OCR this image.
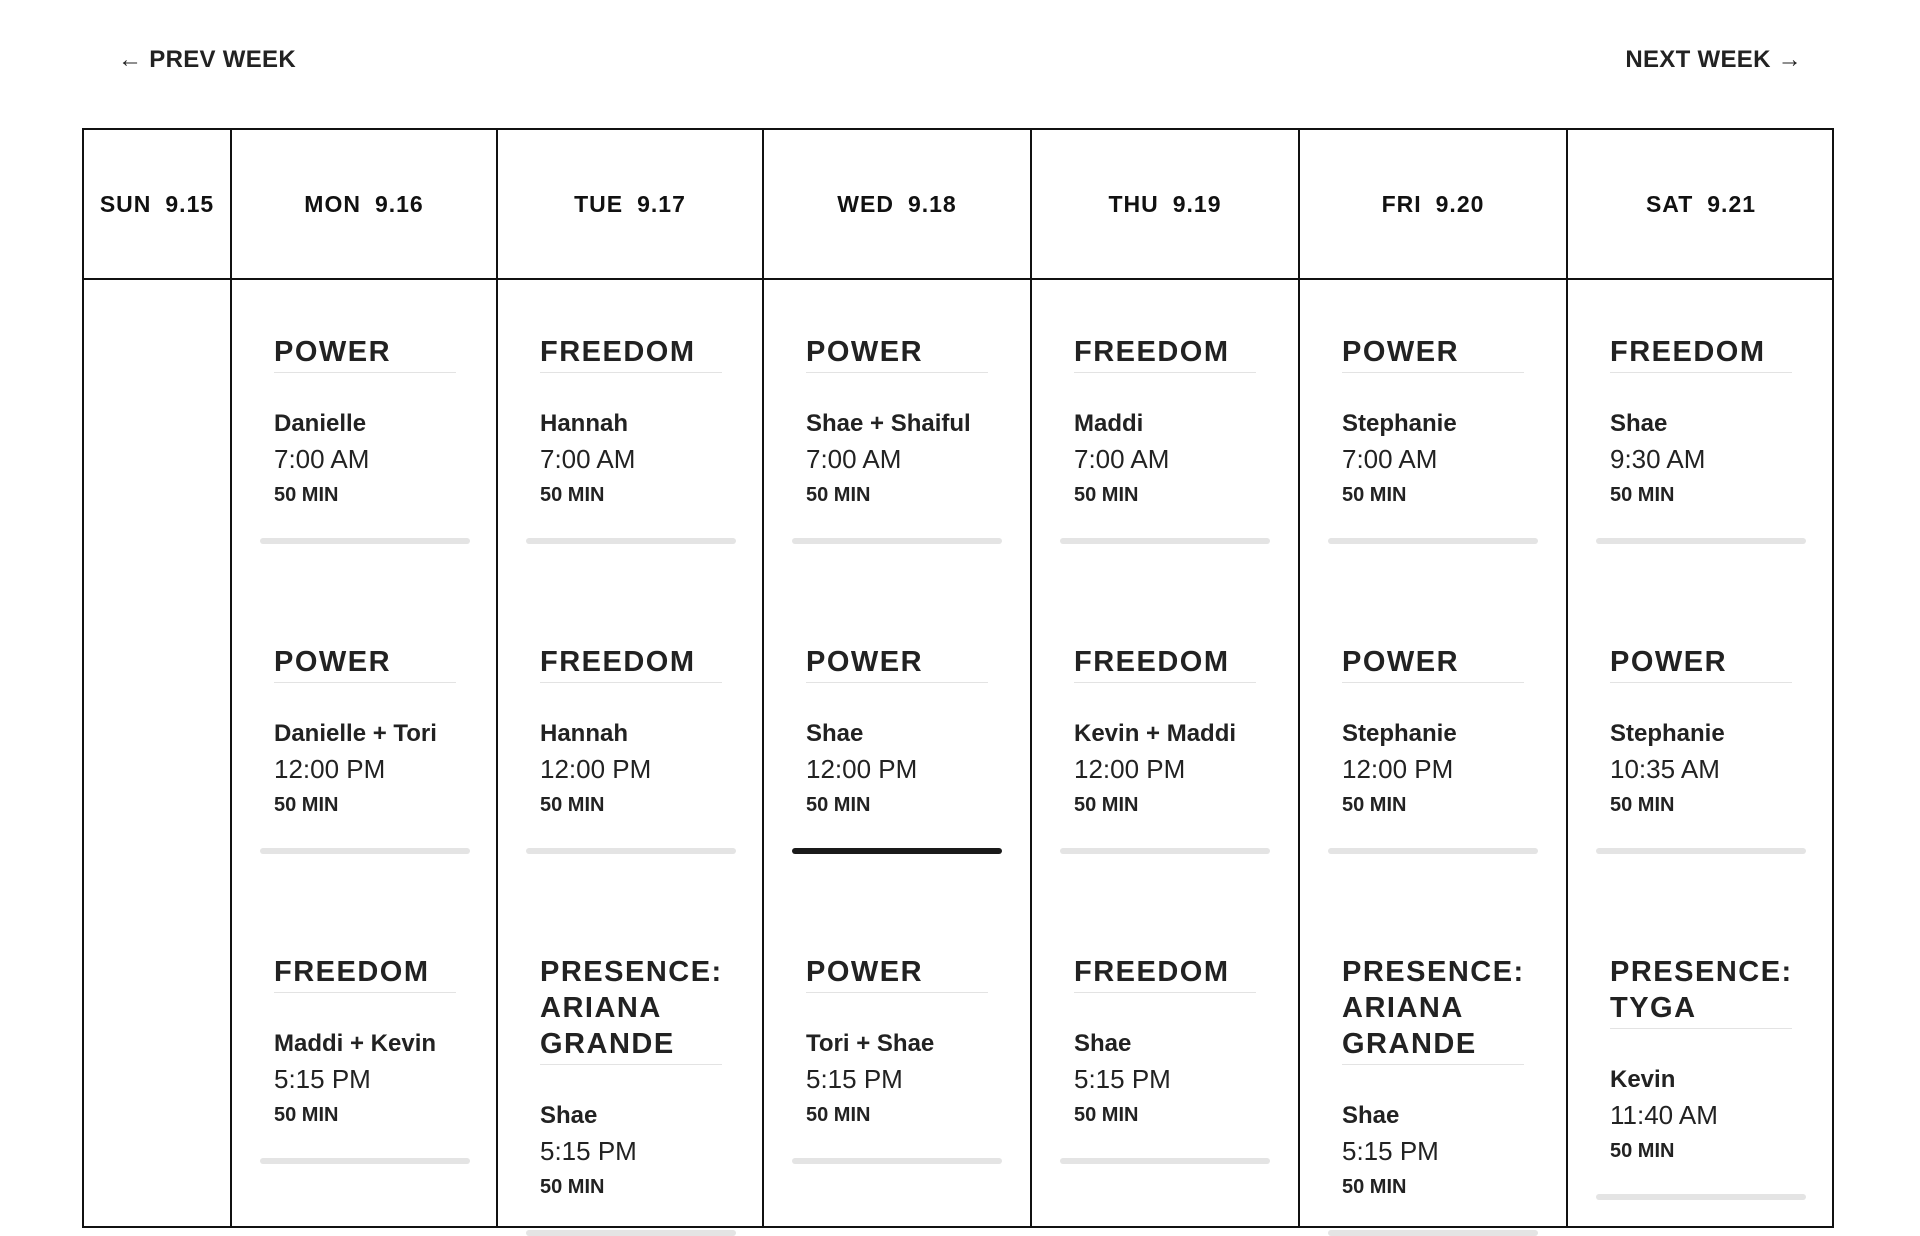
← PREV WEEK	NEXT WEEK →
SUN 9.15	MON 9.16
POWER
Danielle
7:00 AM
50 MIN
POWER
Danielle + Tori
12:00 PM
50 MIN
FREEDOM
Maddi + Kevin
5:15 PM
50 MIN
TUE 9.17
FREEDOM
Hannah
7:00 AM
50 MIN
FREEDOM
Hannah
12:00 PM
50 MIN
PRESENCE: ARIANA GRANDE
Shae
5:15 PM
50 MIN
WED 9.18
POWER
Shae + Shaiful
7:00 AM
50 MIN
POWER
Shae
12:00 PM
50 MIN
POWER
Tori + Shae
5:15 PM
50 MIN
THU 9.19
FREEDOM
Maddi
7:00 AM
50 MIN
FREEDOM
Kevin + Maddi
12:00 PM
50 MIN
FREEDOM
Shae
5:15 PM
50 MIN
FRI 9.20
POWER
Stephanie
7:00 AM
50 MIN
POWER
Stephanie
12:00 PM
50 MIN
PRESENCE: ARIANA GRANDE
Shae
5:15 PM
50 MIN
SAT 9.21
FREEDOM
Shae
9:30 AM
50 MIN
POWER
Stephanie
10:35 AM
50 MIN
PRESENCE: TYGA
Kevin
11:40 AM
50 MIN
